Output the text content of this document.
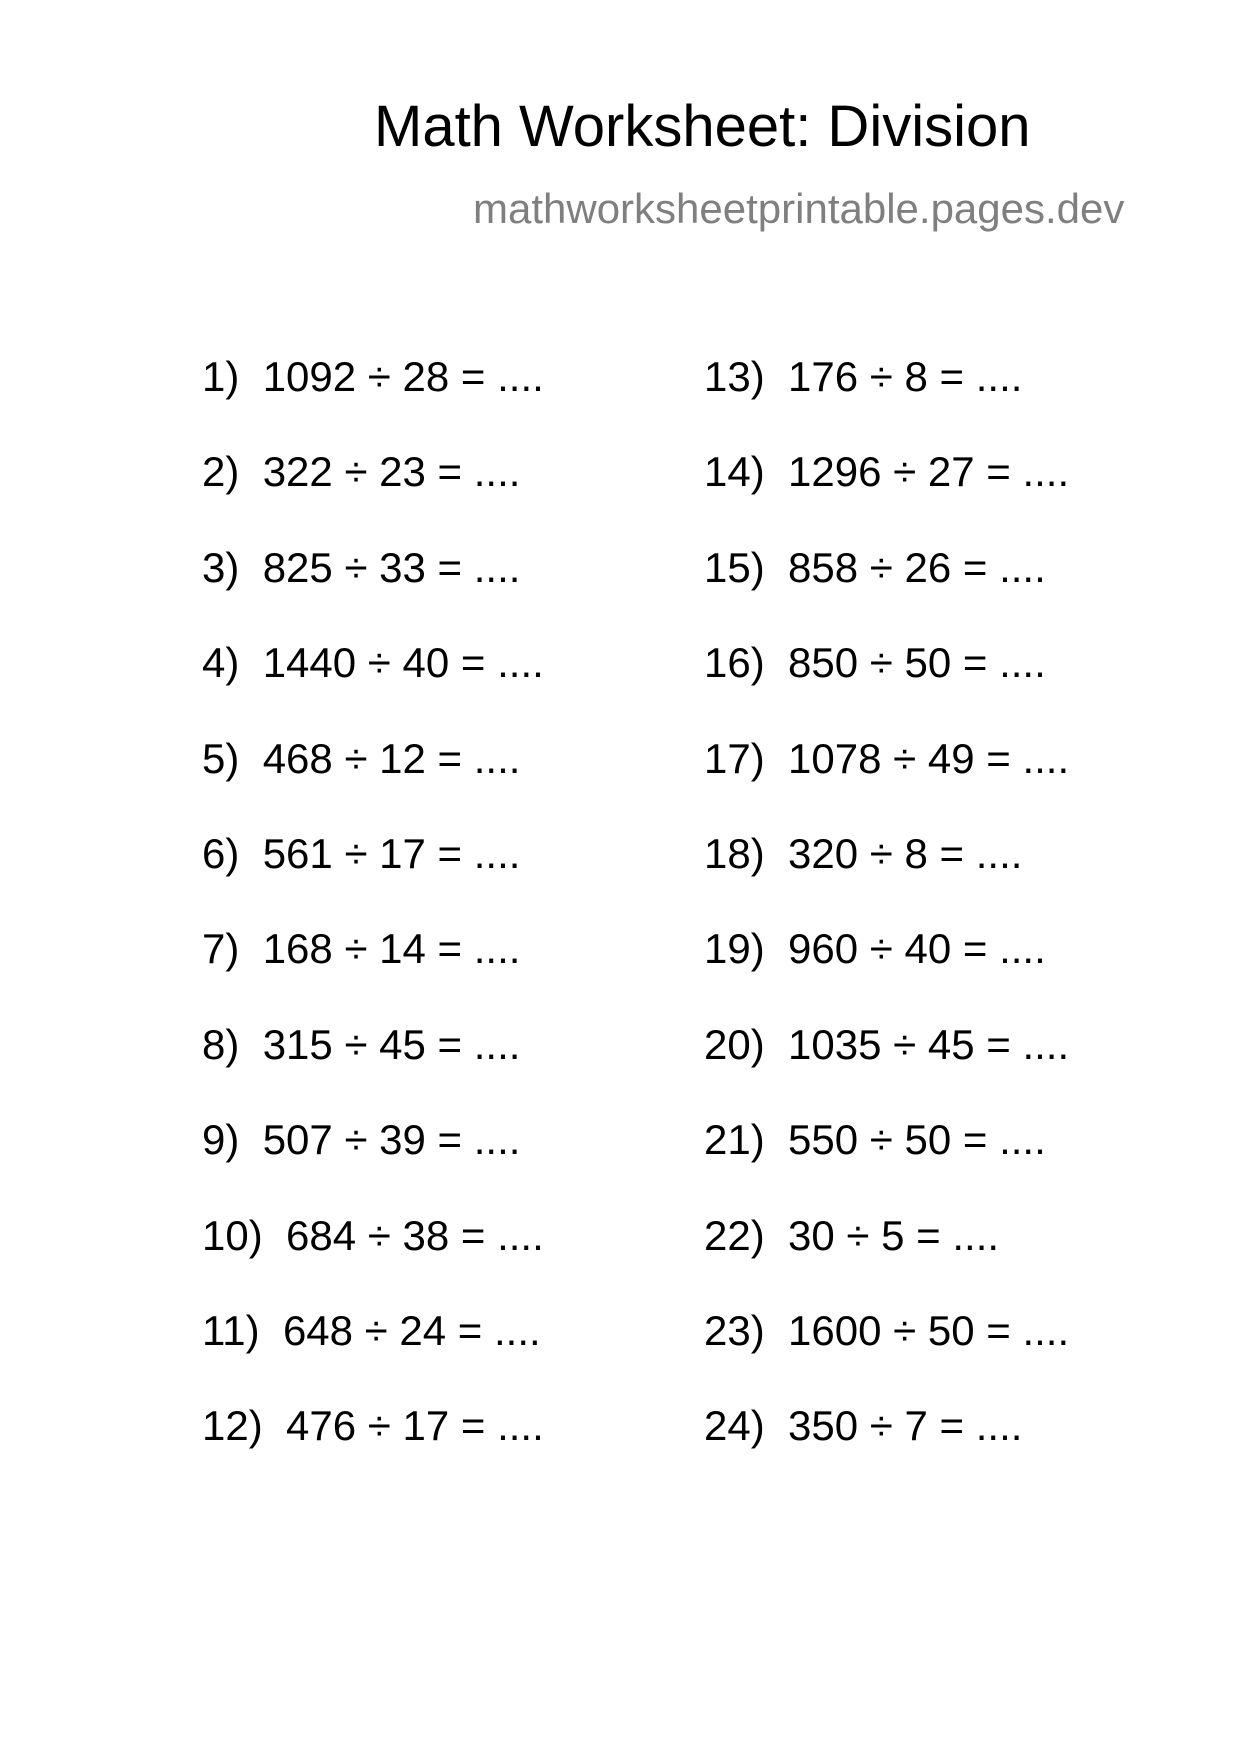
Math Worksheet: Division
mathworksheetprintable.pages.dev
1) 1092 ÷ 28 = ....
2) 322 ÷ 23 = ....
3) 825 ÷ 33 = ....
4) 1440 ÷ 40 = ....
5) 468 ÷ 12 = ....
6) 561 ÷ 17 = ....
7) 168 ÷ 14 = ....
8) 315 ÷ 45 = ....
9) 507 ÷ 39 = ....
10) 684 ÷ 38 = ....
11) 648 ÷ 24 = ....
12) 476 ÷ 17 = ....
13) 176 ÷ 8 = ....
14) 1296 ÷ 27 = ....
15) 858 ÷ 26 = ....
16) 850 ÷ 50 = ....
17) 1078 ÷ 49 = ....
18) 320 ÷ 8 = ....
19) 960 ÷ 40 = ....
20) 1035 ÷ 45 = ....
21) 550 ÷ 50 = ....
22) 30 ÷ 5 = ....
23) 1600 ÷ 50 = ....
24) 350 ÷ 7 = ....
